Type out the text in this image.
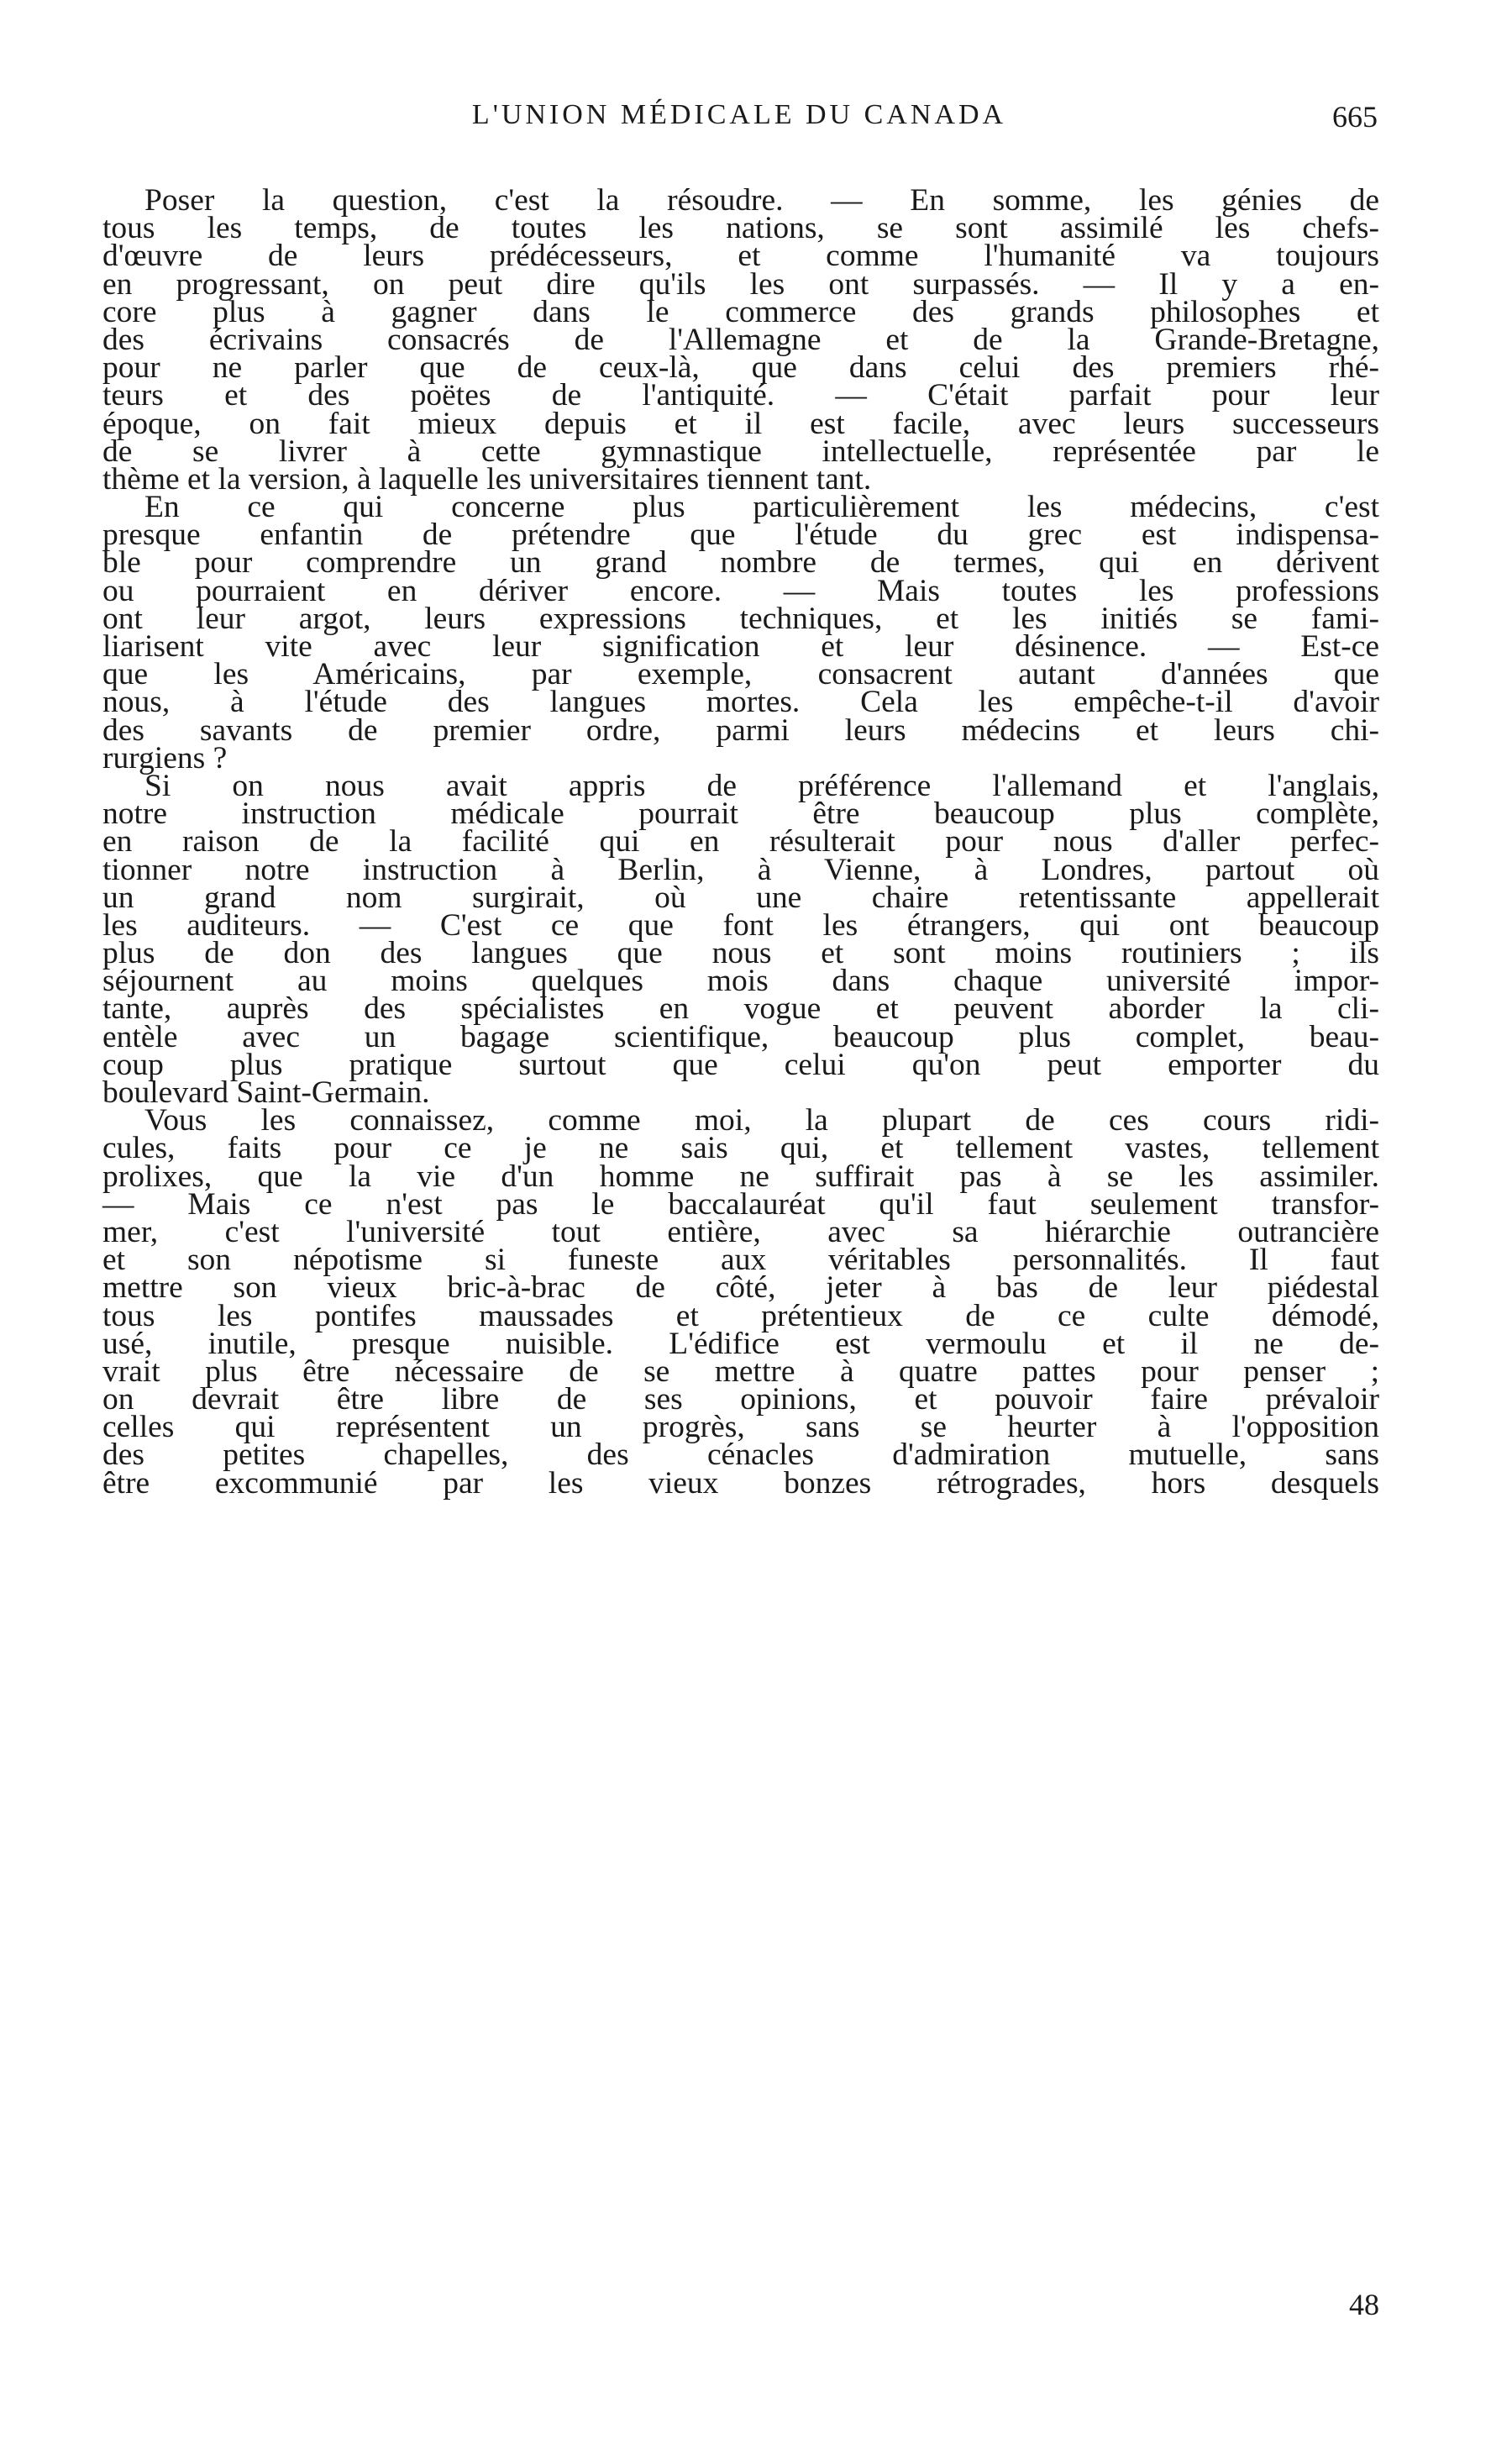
L'UNION MÉDICALE DU CANADA	665
Poser la question, c'est la résoudre. — En somme, les génies de
tous les temps, de toutes les nations, se sont assimilé les chefs-
d'œuvre de leurs prédécesseurs, et comme l'humanité va toujours
en progressant, on peut dire qu'ils les ont surpassés. — Il y a en-
core plus à gagner dans le commerce des grands philosophes et
des écrivains consacrés de l'Allemagne et de la Grande-Bretagne,
pour ne parler que de ceux-là, que dans celui des premiers rhé-
teurs et des poëtes de l'antiquité. — C'était parfait pour leur
époque, on fait mieux depuis et il est facile, avec leurs successeurs
de se livrer à cette gymnastique intellectuelle, représentée par le
thème et la version, à laquelle les universitaires tiennent tant.
En ce qui concerne plus particulièrement les médecins, c'est
presque enfantin de prétendre que l'étude du grec est indispensa-
ble pour comprendre un grand nombre de termes, qui en dérivent
ou pourraient en dériver encore. — Mais toutes les professions
ont leur argot, leurs expressions techniques, et les initiés se fami-
liarisent vite avec leur signification et leur désinence. — Est-ce
que les Américains, par exemple, consacrent autant d'années que
nous, à l'étude des langues mortes. Cela les empêche-t-il d'avoir
des savants de premier ordre, parmi leurs médecins et leurs chi-
rurgiens ?
Si on nous avait appris de préférence l'allemand et l'anglais,
notre instruction médicale pourrait être beaucoup plus complète,
en raison de la facilité qui en résulterait pour nous d'aller perfec-
tionner notre instruction à Berlin, à Vienne, à Londres, partout où
un grand nom surgirait, où une chaire retentissante appellerait
les auditeurs. — C'est ce que font les étrangers, qui ont beaucoup
plus de don des langues que nous et sont moins routiniers ; ils
séjournent au moins quelques mois dans chaque université impor-
tante, auprès des spécialistes en vogue et peuvent aborder la cli-
entèle avec un bagage scientifique, beaucoup plus complet, beau-
coup plus pratique surtout que celui qu'on peut emporter du
boulevard Saint-Germain.
Vous les connaissez, comme moi, la plupart de ces cours ridi-
cules, faits pour ce je ne sais qui, et tellement vastes, tellement
prolixes, que la vie d'un homme ne suffirait pas à se les assimiler.
— Mais ce n'est pas le baccalauréat qu'il faut seulement transfor-
mer, c'est l'université tout entière, avec sa hiérarchie outrancière
et son népotisme si funeste aux véritables personnalités. Il faut
mettre son vieux bric-à-brac de côté, jeter à bas de leur piédestal
tous les pontifes maussades et prétentieux de ce culte démodé,
usé, inutile, presque nuisible. L'édifice est vermoulu et il ne de-
vrait plus être nécessaire de se mettre à quatre pattes pour penser ;
on devrait être libre de ses opinions, et pouvoir faire prévaloir
celles qui représentent un progrès, sans se heurter à l'opposition
des petites chapelles, des cénacles d'admiration mutuelle, sans
être excommunié par les vieux bonzes rétrogrades, hors desquels
48
